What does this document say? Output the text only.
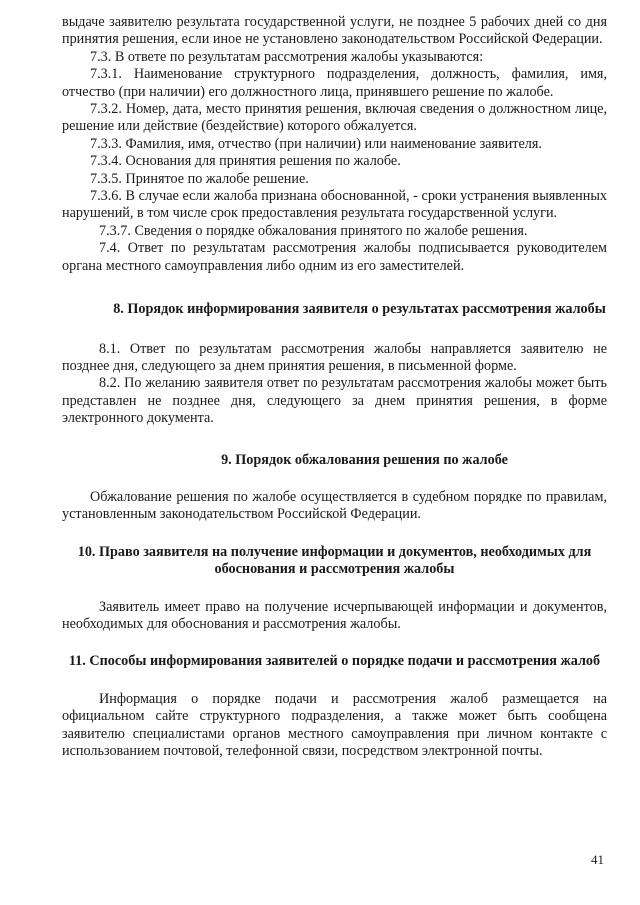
выдаче заявителю результата государственной услуги, не позднее 5 рабочих дней со дня принятия решения, если иное не установлено законодательством Российской Федерации.

7.3. В ответе по результатам рассмотрения жалобы указываются:

7.3.1. Наименование структурного подразделения, должность, фамилия, имя, отчество (при наличии) его должностного лица, принявшего решение по жалобе.

7.3.2. Номер, дата, место принятия решения, включая сведения о должностном лице, решение или действие (бездействие) которого обжалуется.

7.3.3. Фамилия, имя, отчество (при наличии) или наименование заявителя.

7.3.4. Основания для принятия решения по жалобе.

7.3.5. Принятое по жалобе решение.

7.3.6. В случае если жалоба признана обоснованной, - сроки устранения выявленных нарушений, в том числе срок предоставления результата государственной услуги.

7.3.7. Сведения о порядке обжалования принятого по жалобе решения.

7.4. Ответ по результатам рассмотрения жалобы подписывается руководителем органа местного самоуправления либо одним из его заместителей.

8. Порядок информирования заявителя о результатах рассмотрения жалобы

8.1. Ответ по результатам рассмотрения жалобы направляется заявителю не позднее дня, следующего за днем принятия решения, в письменной форме.

8.2. По желанию заявителя ответ по результатам рассмотрения жалобы может быть представлен не позднее дня, следующего за днем принятия решения, в форме электронного документа.

9. Порядок обжалования решения по жалобе

Обжалование решения по жалобе осуществляется в судебном порядке по правилам, установленным законодательством Российской Федерации.

10. Право заявителя на получение информации и документов, необходимых для обоснования и рассмотрения жалобы

Заявитель имеет право на получение исчерпывающей информации и документов, необходимых для обоснования и рассмотрения жалобы.

11. Способы информирования заявителей о порядке подачи и рассмотрения жалоб

Информация о порядке подачи и рассмотрения жалоб размещается на официальном сайте структурного подразделения, а также может быть сообщена заявителю специалистами органов местного самоуправления при личном контакте с использованием почтовой, телефонной связи, посредством электронной почты.

41
